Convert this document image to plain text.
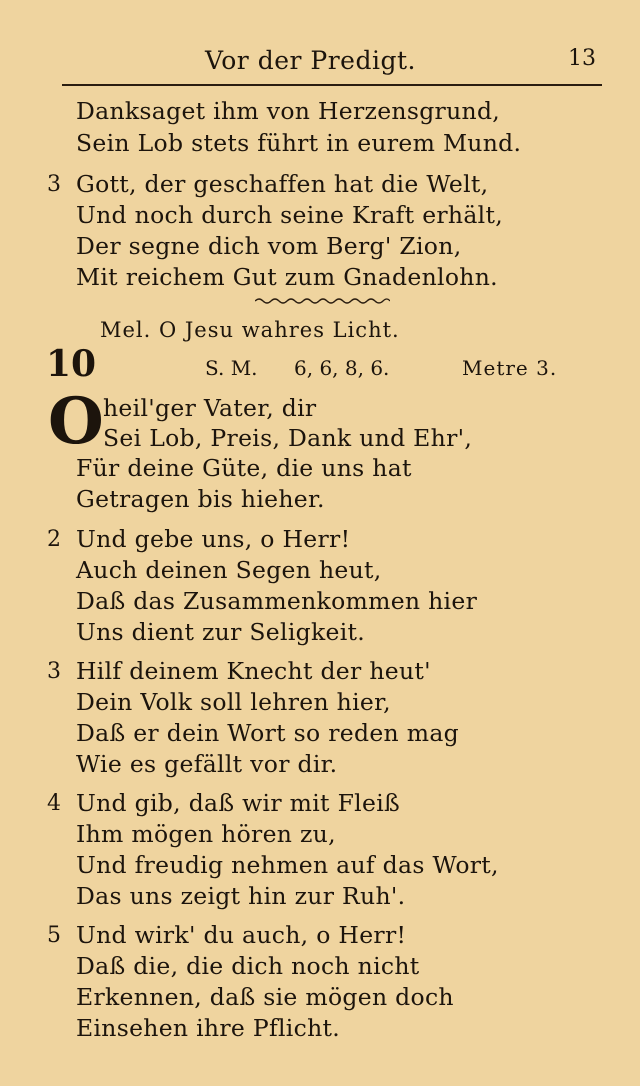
Vor der Predigt.	13
Danksaget ihm von Herzensgrund,
Sein Lob stets führt in eurem Mund.
3 Gott, der geschaffen hat die Welt,
Und noch durch seine Kraft erhält,
Der segne dich vom Berg' Zion,
Mit reichem Gut zum Gnadenlohn.
Mel. O Jesu wahres Licht.
10	S. M. 6, 6, 8, 6.	Metre 3.
O heil'ger Vater, dir
Sei Lob, Preis, Dank und Ehr',
Für deine Güte, die uns hat
Getragen bis hieher.
2 Und gebe uns, o Herr!
Auch deinen Segen heut,
Daß das Zusammenkommen hier
Uns dient zur Seligkeit.
3 Hilf deinem Knecht der heut'
Dein Volk soll lehren hier,
Daß er dein Wort so reden mag
Wie es gefällt vor dir.
4 Und gib, daß wir mit Fleiß
Ihm mögen hören zu,
Und freudig nehmen auf das Wort,
Das uns zeigt hin zur Ruh'.
5 Und wirk' du auch, o Herr!
Daß die, die dich noch nicht
Erkennen, daß sie mögen doch
Einsehen ihre Pflicht.
